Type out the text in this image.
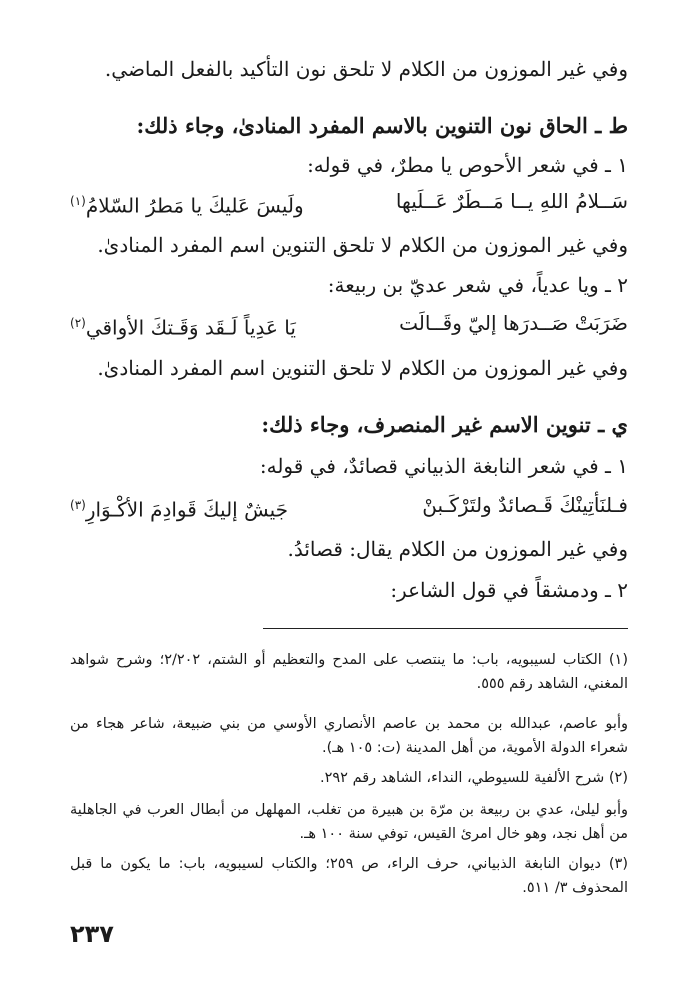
وفي غير الموزون من الكلام لا تلحق نون التأكيد بالفعل الماضي.
ط ـ الحاق نون التنوين بالاسم المفرد المنادىٰ، وجاء ذلك:
١ ـ في شعر الأحوص يا مطرٌ، في قوله:
سَــلامُ اللهِ يــا مَــطَرٌ عَــلَيها
ولَيسَ عَليكَ يا مَطرُ السّلامُ$^{(١)}$
وفي غير الموزون من الكلام لا تلحق التنوين اسم المفرد المنادىٰ.
٢ ـ ويا عدياً، في شعر عديّ بن ربيعة:
ضَرَبَتْ صَــدرَها إليّ وقَــالَت
يَا عَدِياً لَـقَد وَقَـتكَ الأواقي$^{(٢)}$
وفي غير الموزون من الكلام لا تلحق التنوين اسم المفرد المنادىٰ.
ي ـ تنوين الاسم غير المنصرف، وجاء ذلك:
١ ـ في شعر النابغة الذبياني قصائدٌ، في قوله:
فـلنَأتِينْكَ قَـصائدٌ ولتَرْكَـبنْ
جَيشٌ إليكَ قَوادِمَ الأكْـوَارِ$^{(٣)}$
وفي غير الموزون من الكلام يقال: قصائدُ.
٢ ـ ودمشقاً في قول الشاعر:
(١) الكتاب لسيبويه، باب: ما ينتصب على المدح والتعظيم أو الشتم، ٢/٢٠٢؛ وشرح شواهد المغني، الشاهد رقم ٥٥٥.
وأبو عاصم، عبدالله بن محمد بن عاصم الأنصاري الأوسي من بني ضبيعة، شاعر هجاء من شعراء الدولة الأموية، من أهل المدينة (ت: ١٠٥ هـ).
(٢) شرح الألفية للسيوطي، النداء، الشاهد رقم ٢٩٢.
وأبو ليلىٰ، عدي بن ربيعة بن مرّة بن هبيرة من تغلب، المهلهل من أبطال العرب في الجاهلية من أهل نجد، وهو خال امرئ القيس، توفي سنة ١٠٠ هـ.
(٣) ديوان النابغة الذبياني، حرف الراء، ص ٢٥٩؛ والكتاب لسيبويه، باب: ما يكون ما قبل المحذوف ٣/ ٥١١.
٢٣٧
